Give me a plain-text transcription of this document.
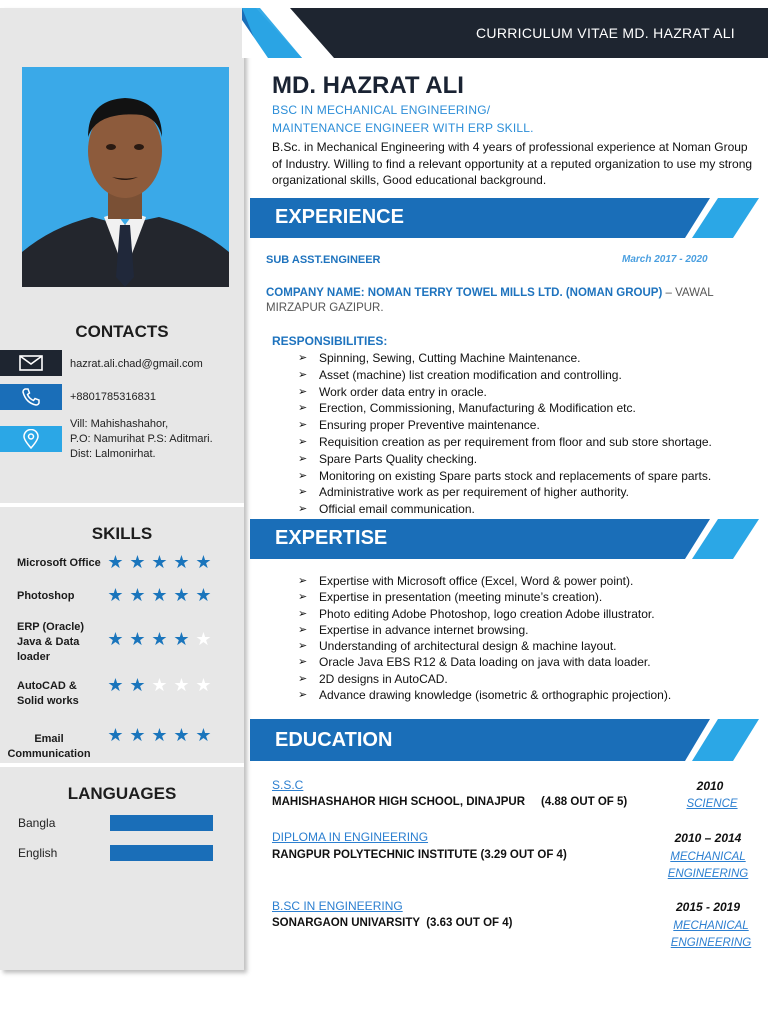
CONTACTS
hazrat.ali.chad@gmail.com
+8801785316831
Vill: Mahishashahor,
P.O: Namurihat P.S: Aditmari.
Dist: Lalmonirhat.
SKILLS
Microsoft Office ★ ★ ★ ★ ★
Photoshop ★ ★ ★ ★ ★
ERP (Oracle)
Java & Data
loader
★ ★ ★ ★ ★
AutoCAD &
Solid works
★ ★ ★ ★ ★
Email
Communication
★ ★ ★ ★ ★
LANGUAGES
Bangla
English
CURRICULUM VITAE MD. HAZRAT ALI
MD. HAZRAT ALI
BSC IN MECHANICAL ENGINEERING/
MAINTENANCE ENGINEER WITH ERP SKILL.
B.Sc. in Mechanical Engineering with 4 years of professional experience at Noman Group of Industry. Willing to find a relevant opportunity at a reputed organization to use my strong organizational skills, Good educational background.
EXPERIENCE
SUB ASST.ENGINEER	March 2017 - 2020
COMPANY NAME: NOMAN TERRY TOWEL MILLS LTD. (NOMAN GROUP) – VAWAL MIRZAPUR GAZIPUR.
RESPONSIBILITIES:
➢ Spinning, Sewing, Cutting Machine Maintenance.
➢ Asset (machine) list creation modification and controlling.
➢ Work order data entry in oracle.
➢ Erection, Commissioning, Manufacturing & Modification etc.
➢ Ensuring proper Preventive maintenance.
➢ Requisition creation as per requirement from floor and sub store shortage.
➢ Spare Parts Quality checking.
➢ Monitoring on existing Spare parts stock and replacements of spare parts.
➢ Administrative work as per requirement of higher authority.
➢ Official email communication.
EXPERTISE
➢ Expertise with Microsoft office (Excel, Word & power point).
➢ Expertise in presentation (meeting minute’s creation).
➢ Photo editing Adobe Photoshop, logo creation Adobe illustrator.
➢ Expertise in advance internet browsing.
➢ Understanding of architectural design & machine layout.
➢ Oracle Java EBS R12 & Data loading on java with data loader.
➢ 2D designs in AutoCAD.
➢ Advance drawing knowledge (isometric & orthographic projection).
EDUCATION
S.S.C
MAHISHASHAHOR HIGH SCHOOL, DINAJPUR     (4.88 OUT OF 5)
2010
SCIENCE
DIPLOMA IN ENGINEERING
RANGPUR POLYTECHNIC INSTITUTE (3.29 OUT OF 4)
2010 – 2014
MECHANICAL
ENGINEERING
B.SC IN ENGINEERING
SONARGAON UNIVARSITY  (3.63 OUT OF 4)
2015 - 2019
MECHANICAL
ENGINEERING
